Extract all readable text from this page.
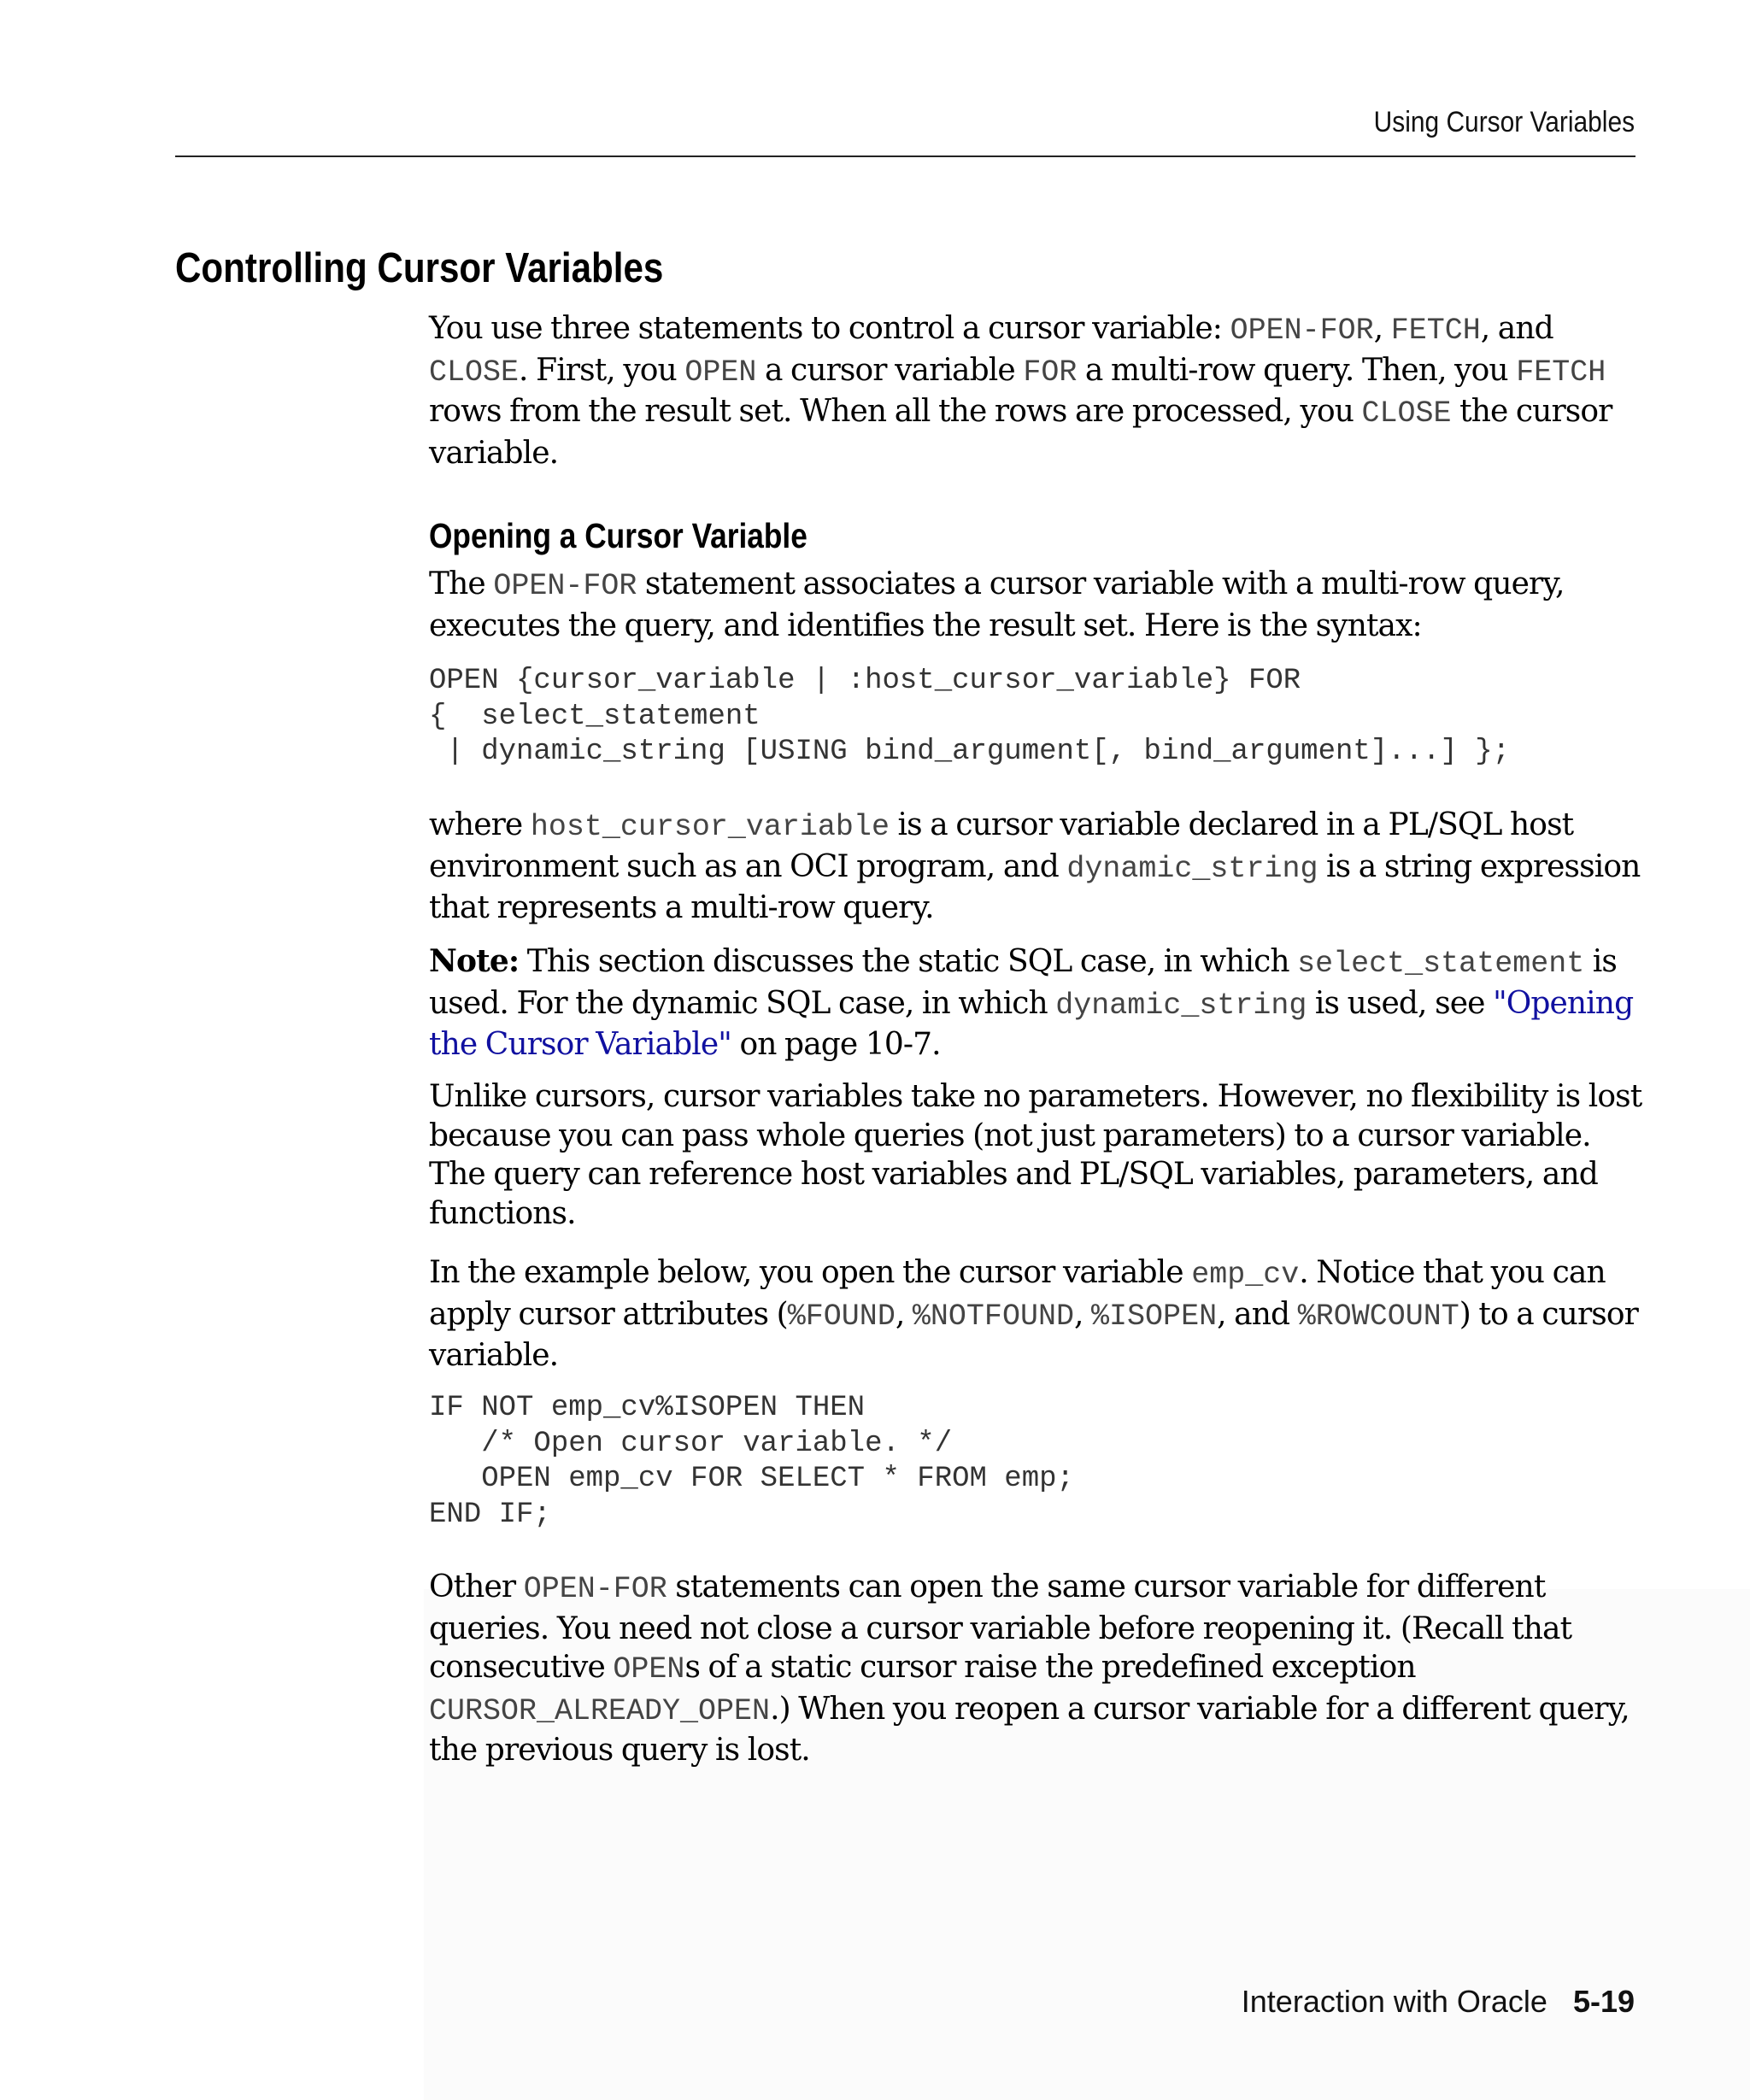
Using Cursor Variables
Controlling Cursor Variables

You use three statements to control a cursor variable: OPEN-FOR, FETCH, and CLOSE. First, you OPEN a cursor variable FOR a multi-row query. Then, you FETCH rows from the result set. When all the rows are processed, you CLOSE the cursor variable.

Opening a Cursor Variable

The OPEN-FOR statement associates a cursor variable with a multi-row query, executes the query, and identifies the result set. Here is the syntax:

OPEN {cursor_variable | :host_cursor_variable} FOR
{  select_statement
| dynamic_string [USING bind_argument[, bind_argument]...] };

where host_cursor_variable is a cursor variable declared in a PL/SQL host environment such as an OCI program, and dynamic_string is a string expression that represents a multi-row query.

Note: This section discusses the static SQL case, in which select_statement is used. For the dynamic SQL case, in which dynamic_string is used, see "Opening the Cursor Variable" on page 10-7.

Unlike cursors, cursor variables take no parameters. However, no flexibility is lost because you can pass whole queries (not just parameters) to a cursor variable. The query can reference host variables and PL/SQL variables, parameters, and functions.

In the example below, you open the cursor variable emp_cv. Notice that you can apply cursor attributes (%FOUND, %NOTFOUND, %ISOPEN, and %ROWCOUNT) to a cursor variable.

IF NOT emp_cv%ISOPEN THEN
/* Open cursor variable. */
OPEN emp_cv FOR SELECT * FROM emp;
END IF;

Other OPEN-FOR statements can open the same cursor variable for different queries. You need not close a cursor variable before reopening it. (Recall that consecutive OPENs of a static cursor raise the predefined exception CURSOR_ALREADY_OPEN.) When you reopen a cursor variable for a different query, the previous query is lost.

Interaction with Oracle 5-19
